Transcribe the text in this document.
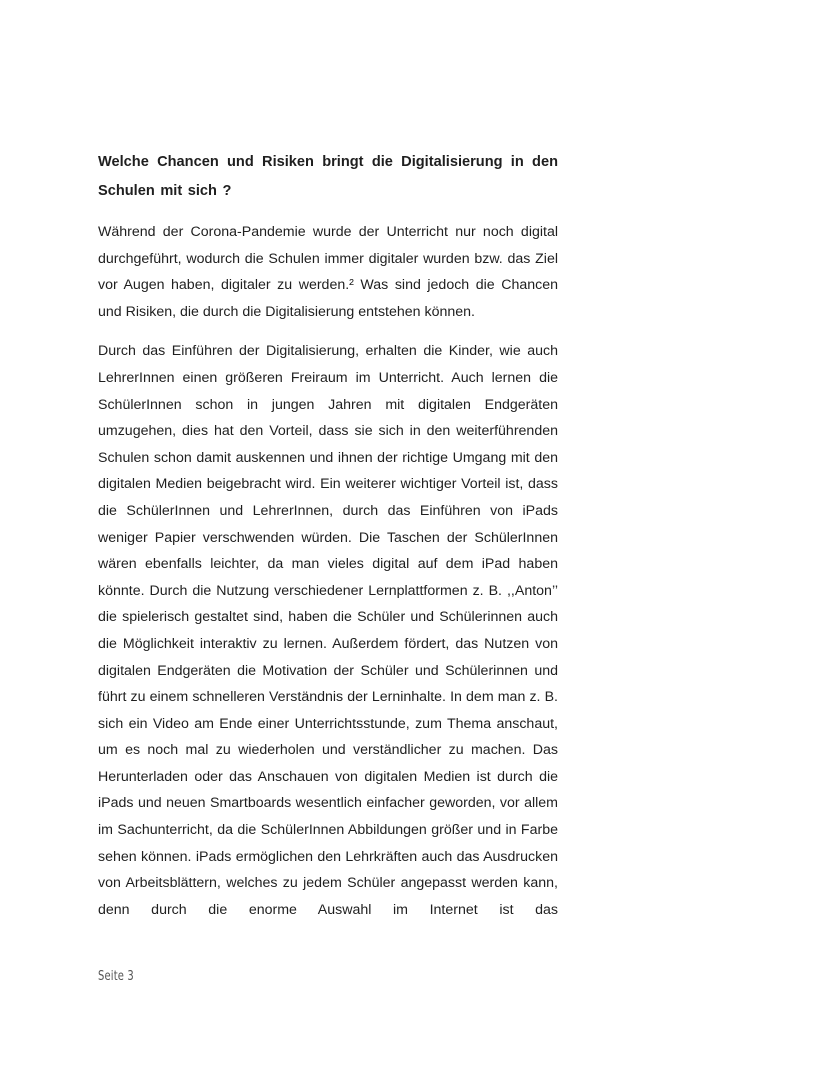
Welche Chancen und Risiken bringt die Digitalisierung in den Schulen mit sich ?

Während der Corona-Pandemie wurde der Unterricht nur noch digital durchgeführt, wodurch die Schulen immer digitaler wurden bzw. das Ziel vor Augen haben, digitaler zu werden.² Was sind jedoch die Chancen und Risiken, die durch die Digitalisierung entstehen können.

Durch das Einführen der Digitalisierung, erhalten die Kinder, wie auch LehrerInnen einen größeren Freiraum im Unterricht. Auch lernen die SchülerInnen schon in jungen Jahren mit digitalen Endgeräten umzugehen, dies hat den Vorteil, dass sie sich in den weiterführenden Schulen schon damit auskennen und ihnen der richtige Umgang mit den digitalen Medien beigebracht wird. Ein weiterer wichtiger Vorteil ist, dass die SchülerInnen und LehrerInnen, durch das Einführen von iPads weniger Papier verschwenden würden. Die Taschen der SchülerInnen wären ebenfalls leichter, da man vieles digital auf dem iPad haben könnte. Durch die Nutzung verschiedener Lernplattformen z. B. ,,Anton’’ die spielerisch gestaltet sind, haben die Schüler und Schülerinnen auch die Möglichkeit interaktiv zu lernen. Außerdem fördert, das Nutzen von digitalen Endgeräten die Motivation der Schüler und Schülerinnen und führt zu einem schnelleren Verständnis der Lerninhalte. In dem man z. B. sich ein Video am Ende einer Unterrichtsstunde, zum Thema anschaut, um es noch mal zu wiederholen und verständlicher zu machen. Das Herunterladen oder das Anschauen von digitalen Medien ist durch die iPads und neuen Smartboards wesentlich einfacher geworden, vor allem im Sachunterricht, da die SchülerInnen Abbildungen größer und in Farbe sehen können. iPads ermöglichen den Lehrkräften auch das Ausdrucken von Arbeitsblättern, welches zu jedem Schüler angepasst werden kann, denn durch die enorme Auswahl im Internet ist das

Seite 3
